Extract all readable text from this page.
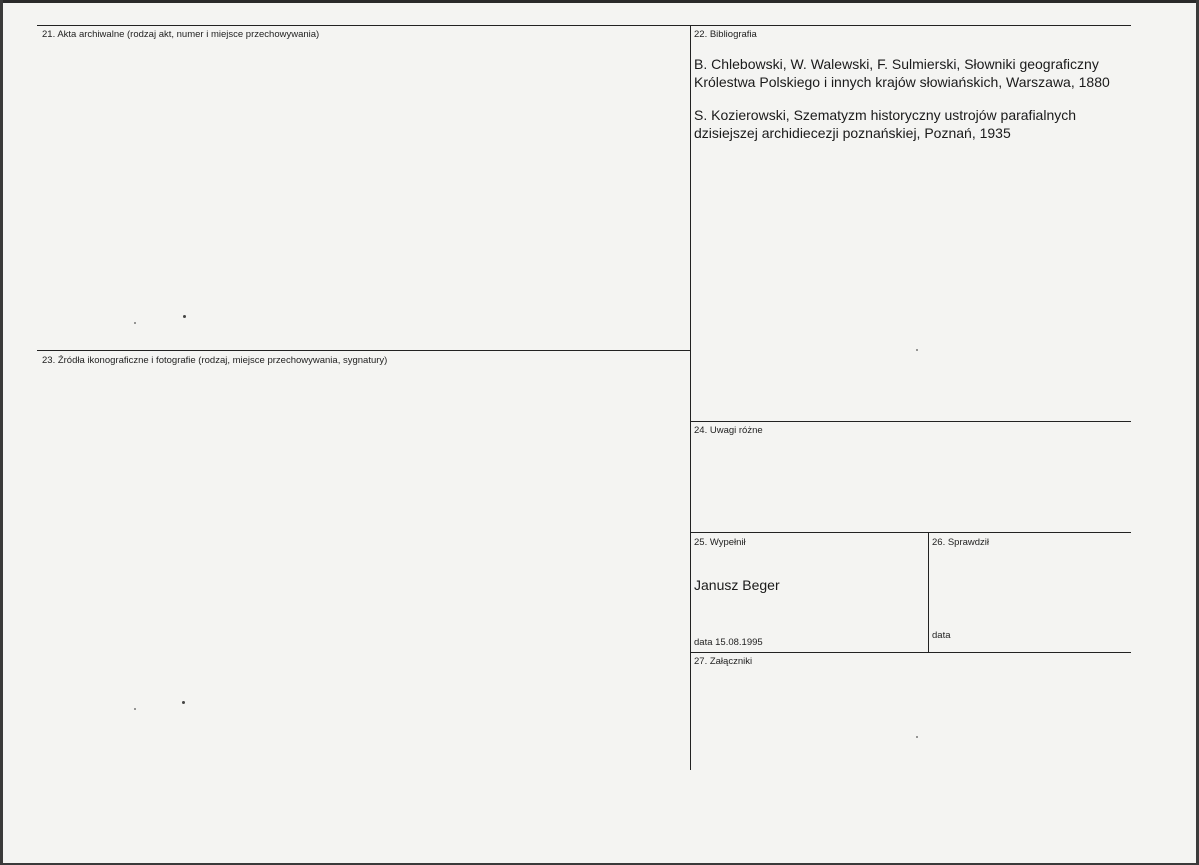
21. Akta archiwalne (rodzaj akt, numer i miejsce przechowywania)	22. Bibliografia
B. Chlebowski, W. Walewski, F. Sulmierski, Słowniki geograficzny
Królestwa Polskiego i innych krajów słowiańskich, Warszawa, 1880
S. Kozierowski, Szematyzm historyczny ustrojów parafialnych
dzisiejszej archidiecezji poznańskiej, Poznań, 1935
23. Źródła ikonograficzne i fotografie (rodzaj, miejsce przechowywania, sygnatury)
24. Uwagi różne
25. Wypełnił
Janusz Beger
data 15.08.1995
26. Sprawdził
data
27. Załączniki
